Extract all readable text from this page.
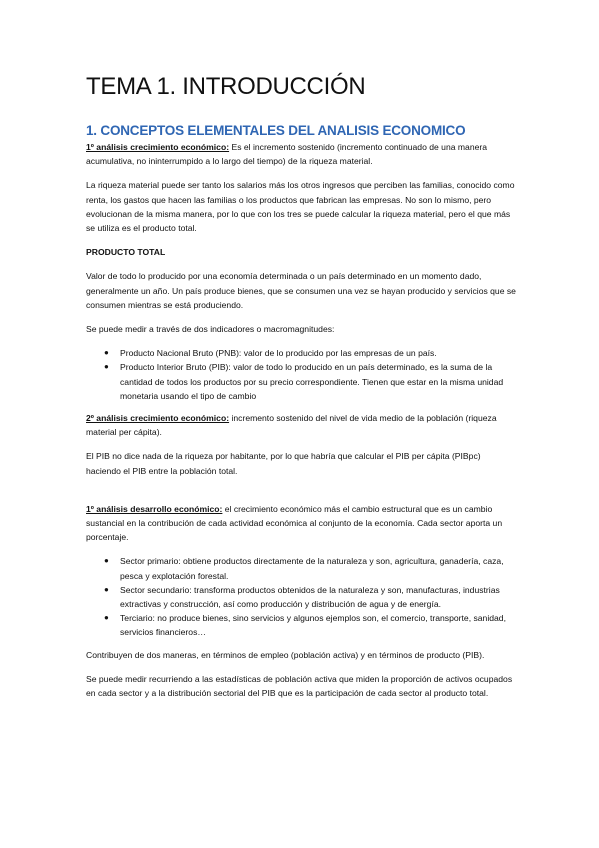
TEMA 1. INTRODUCCIÓN
1. CONCEPTOS ELEMENTALES DEL ANALISIS ECONOMICO

1º análisis crecimiento económico: Es el incremento sostenido (incremento continuado de una manera acumulativa, no ininterrumpido a lo largo del tiempo) de la riqueza material.

La riqueza material puede ser tanto los salarios más los otros ingresos que perciben las familias, conocido como renta, los gastos que hacen las familias o los productos que fabrican las empresas. No son lo mismo, pero evolucionan de la misma manera, por lo que con los tres se puede calcular la riqueza material, pero el que más se utiliza es el producto total.

PRODUCTO TOTAL

Valor de todo lo producido por una economía determinada o un país determinado en un momento dado, generalmente un año. Un país produce bienes, que se consumen una vez se hayan producido y servicios que se consumen mientras se está produciendo.

Se puede medir a través de dos indicadores o macromagnitudes:

● Producto Nacional Bruto (PNB): valor de lo producido por las empresas de un país.
● Producto Interior Bruto (PIB): valor de todo lo producido en un país determinado, es la suma de la cantidad de todos los productos por su precio correspondiente. Tienen que estar en la misma unidad monetaria usando el tipo de cambio

2º análisis crecimiento económico: incremento sostenido del nivel de vida medio de la población (riqueza material per cápita).

El PIB no dice nada de la riqueza por habitante, por lo que habría que calcular el PIB per cápita (PIBpc) haciendo el PIB entre la población total.

1º análisis desarrollo económico: el crecimiento económico más el cambio estructural que es un cambio sustancial en la contribución de cada actividad económica al conjunto de la economía. Cada sector aporta un porcentaje.

● Sector primario: obtiene productos directamente de la naturaleza y son, agricultura, ganadería, caza, pesca y explotación forestal.
● Sector secundario: transforma productos obtenidos de la naturaleza y son, manufacturas, industrias extractivas y construcción, así como producción y distribución de agua y de energía.
● Terciario: no produce bienes, sino servicios y algunos ejemplos son, el comercio, transporte, sanidad, servicios financieros…

Contribuyen de dos maneras, en términos de empleo (población activa) y en términos de producto (PIB).

Se puede medir recurriendo a las estadísticas de población activa que miden la proporción de activos ocupados en cada sector y a la distribución sectorial del PIB que es la participación de cada sector al producto total.
